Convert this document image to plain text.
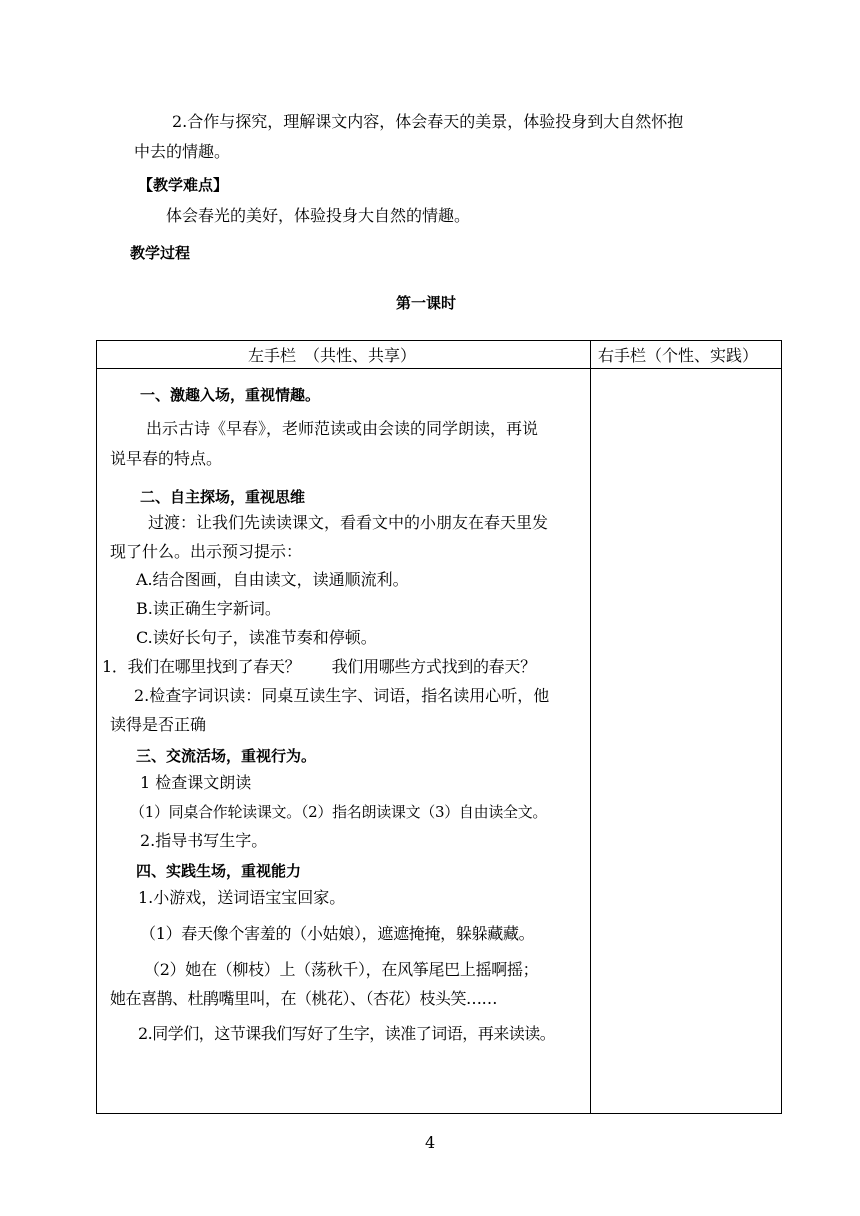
2.合作与探究，理解课文内容，体会春天的美景，体验投身到大自然怀抱
中去的情趣。
【教学难点】
体会春光的美好，体验投身大自然的情趣。
教学过程
第一课时
左手栏　（共性、共享）	右手栏（个性、实践）
一、激趣入场，重视情趣。
出示古诗《早春》，老师范读或由会读的同学朗读，再说
说早春的特点。
二、自主探场，重视思维
过渡：让我们先读读课文，看看文中的小朋友在春天里发
现了什么。出示预习提示：
A.结合图画，自由读文，读通顺流利。
B.读正确生字新词。
C.读好长句子，读准节奏和停顿。
1．我们在哪里找到了春天？　　我们用哪些方式找到的春天？
2.检查字词识读：同桌互读生字、词语，指名读用心听，他
读得是否正确
三、交流活场，重视行为。
1 检查课文朗读
（1）同桌合作轮读课文。（2）指名朗读课文（3）自由读全文。
2.指导书写生字。
四、实践生场，重视能力
1.小游戏，送词语宝宝回家。
（1）春天像个害羞的（小姑娘），遮遮掩掩，躲躲藏藏。
（2）她在（柳枝）上（荡秋千），在风筝尾巴上摇啊摇；
她在喜鹊、杜鹃嘴里叫，在（桃花）、（杏花）枝头笑……
2.同学们，这节课我们写好了生字，读准了词语，再来读读。
4
